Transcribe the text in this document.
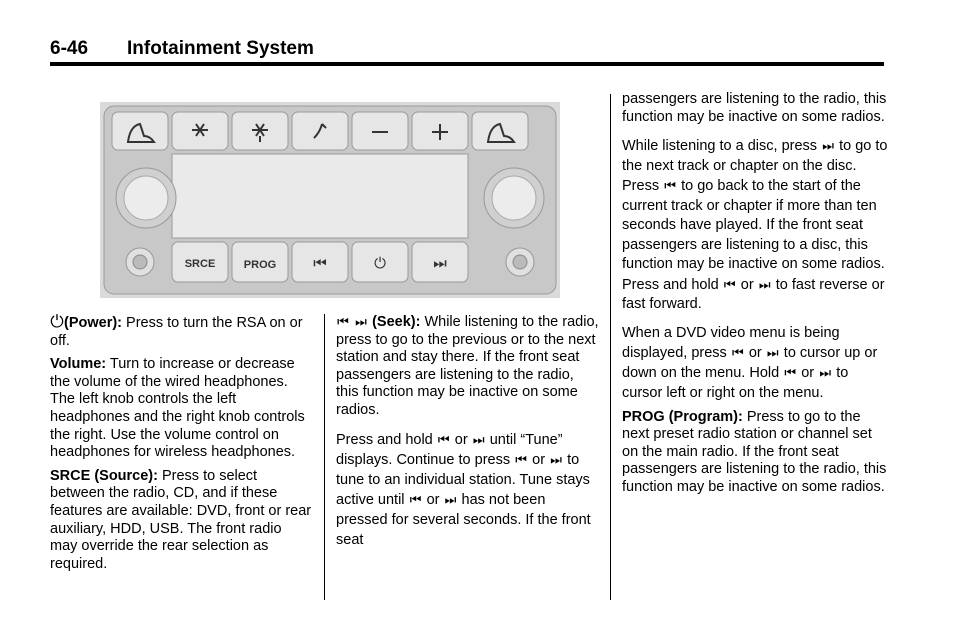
6-46 Infotainment System
SRCE	⏮	⏻	⏭
PROG

⏻(Power): Press to turn the RSA on or off.

Volume: Turn to increase or decrease the volume of the wired headphones. The left knob controls the left headphones and the right knob controls the right. Use the volume control on headphones for wireless headphones.

SRCE (Source): Press to select between the radio, CD, and if these features are available: DVD, front or rear auxiliary, HDD, USB. The front radio may override the rear selection as required.

⏮ ⏭ (Seek): While listening to the radio, press to go to the previous or to the next station and stay there. If the front seat passengers are listening to the radio, this function may be inactive on some radios.

Press and hold ⏮ or ⏭ until “Tune” displays. Continue to press ⏮ or ⏭ to tune to an individual station. Tune stays active until ⏮ or ⏭ has not been pressed for several seconds. If the front seat

passengers are listening to the radio, this function may be inactive on some radios.

While listening to a disc, press ⏭ to go to the next track or chapter on the disc. Press ⏮ to go back to the start of the current track or chapter if more than ten seconds have played. If the front seat passengers are listening to a disc, this function may be inactive on some radios. Press and hold ⏮ or ⏭ to fast reverse or fast forward.

When a DVD video menu is being displayed, press ⏮ or ⏭ to cursor up or down on the menu. Hold ⏮ or ⏭ to cursor left or right on the menu.

PROG (Program): Press to go to the next preset radio station or channel set on the main radio. If the front seat passengers are listening to the radio, this function may be inactive on some radios.
